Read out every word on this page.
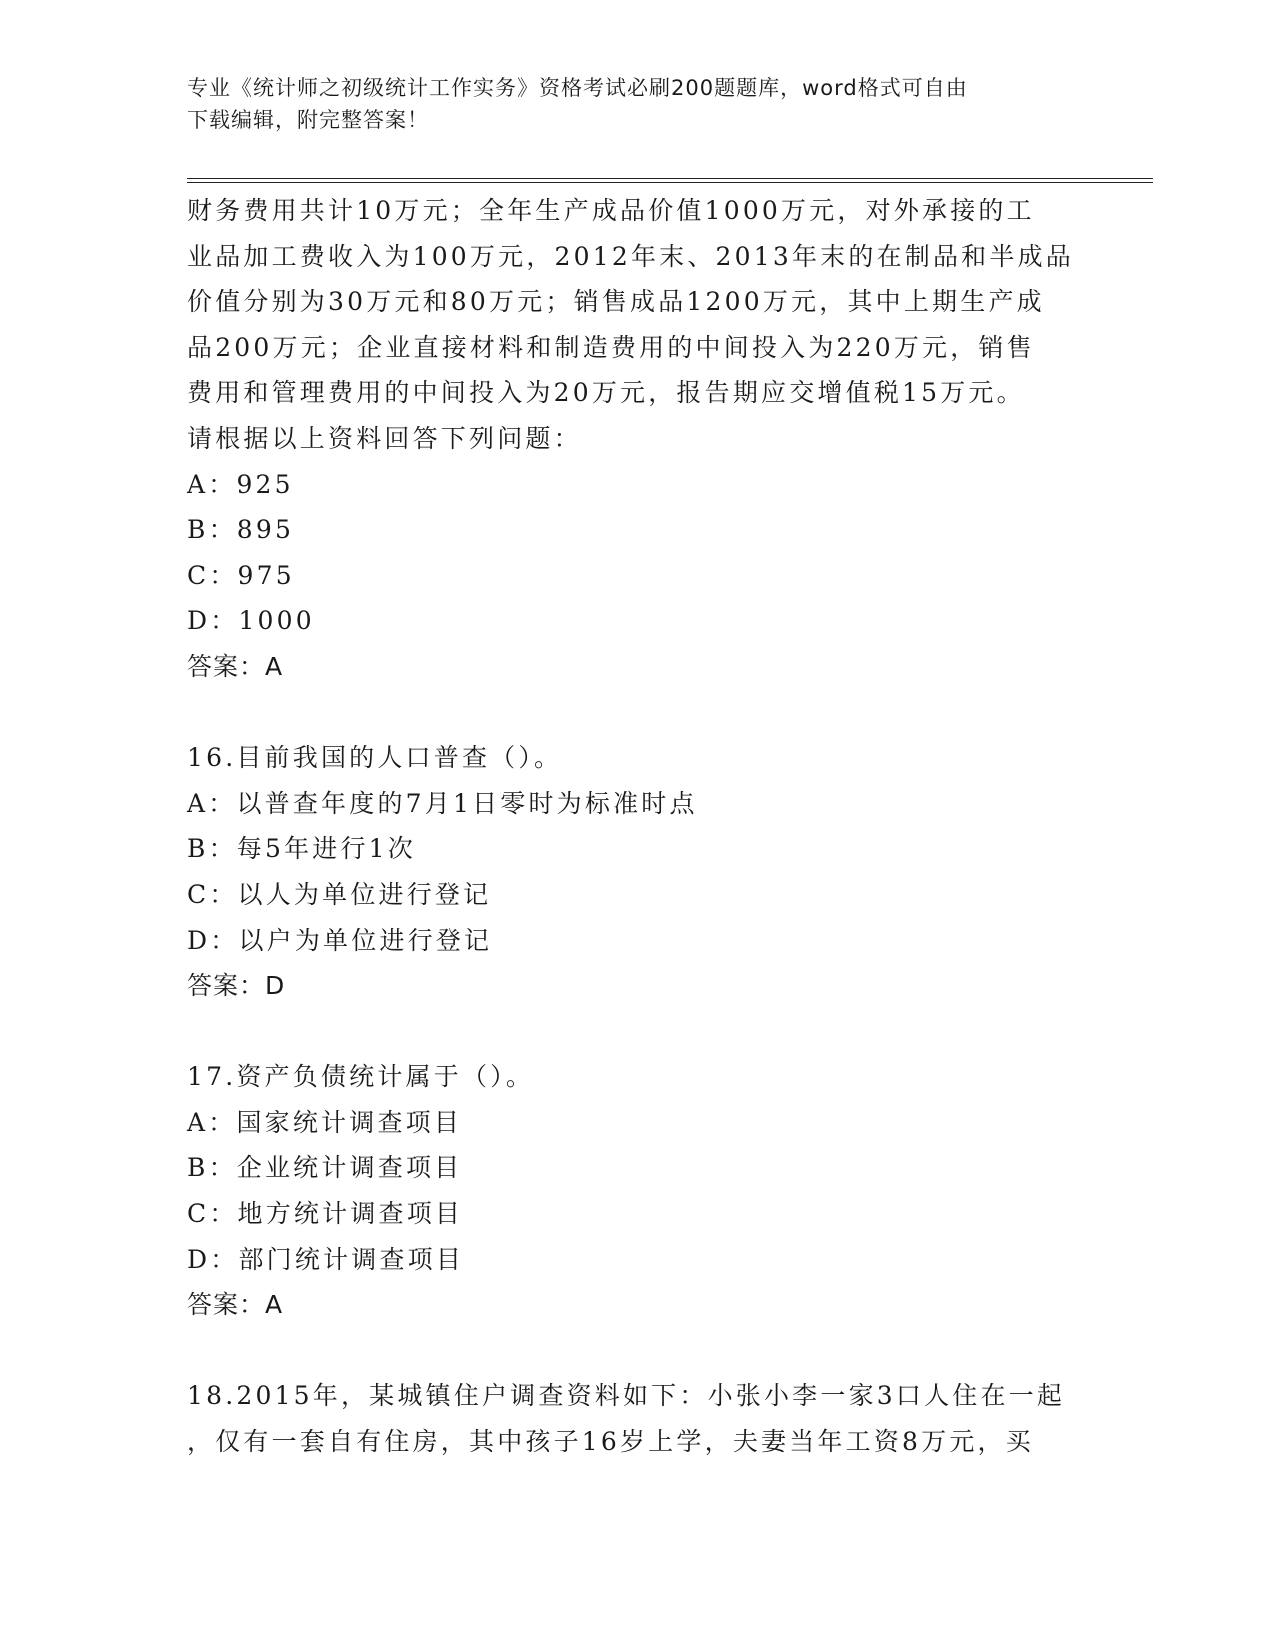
专业《统计师之初级统计工作实务》资格考试必刷200题题库，word格式可自由
下载编辑，附完整答案！
财务费用共计10万元；全年生产成品价值1000万元，对外承接的工
业品加工费收入为100万元，2012年末、2013年末的在制品和半成品
价值分别为30万元和80万元；销售成品1200万元，其中上期生产成
品200万元；企业直接材料和制造费用的中间投入为220万元，销售
费用和管理费用的中间投入为20万元，报告期应交增值税15万元。
请根据以上资料回答下列问题：
A：925
B：895
C：975
D：1000
答案：A
16.目前我国的人口普查（）。
A：以普查年度的7月1日零时为标准时点
B：每5年进行1次
C：以人为单位进行登记
D：以户为单位进行登记
答案：D
17.资产负债统计属于（）。
A：国家统计调查项目
B：企业统计调查项目
C：地方统计调查项目
D：部门统计调查项目
答案：A
18.2015年，某城镇住户调查资料如下：小张小李一家3口人住在一起
，仅有一套自有住房，其中孩子16岁上学，夫妻当年工资8万元，买
